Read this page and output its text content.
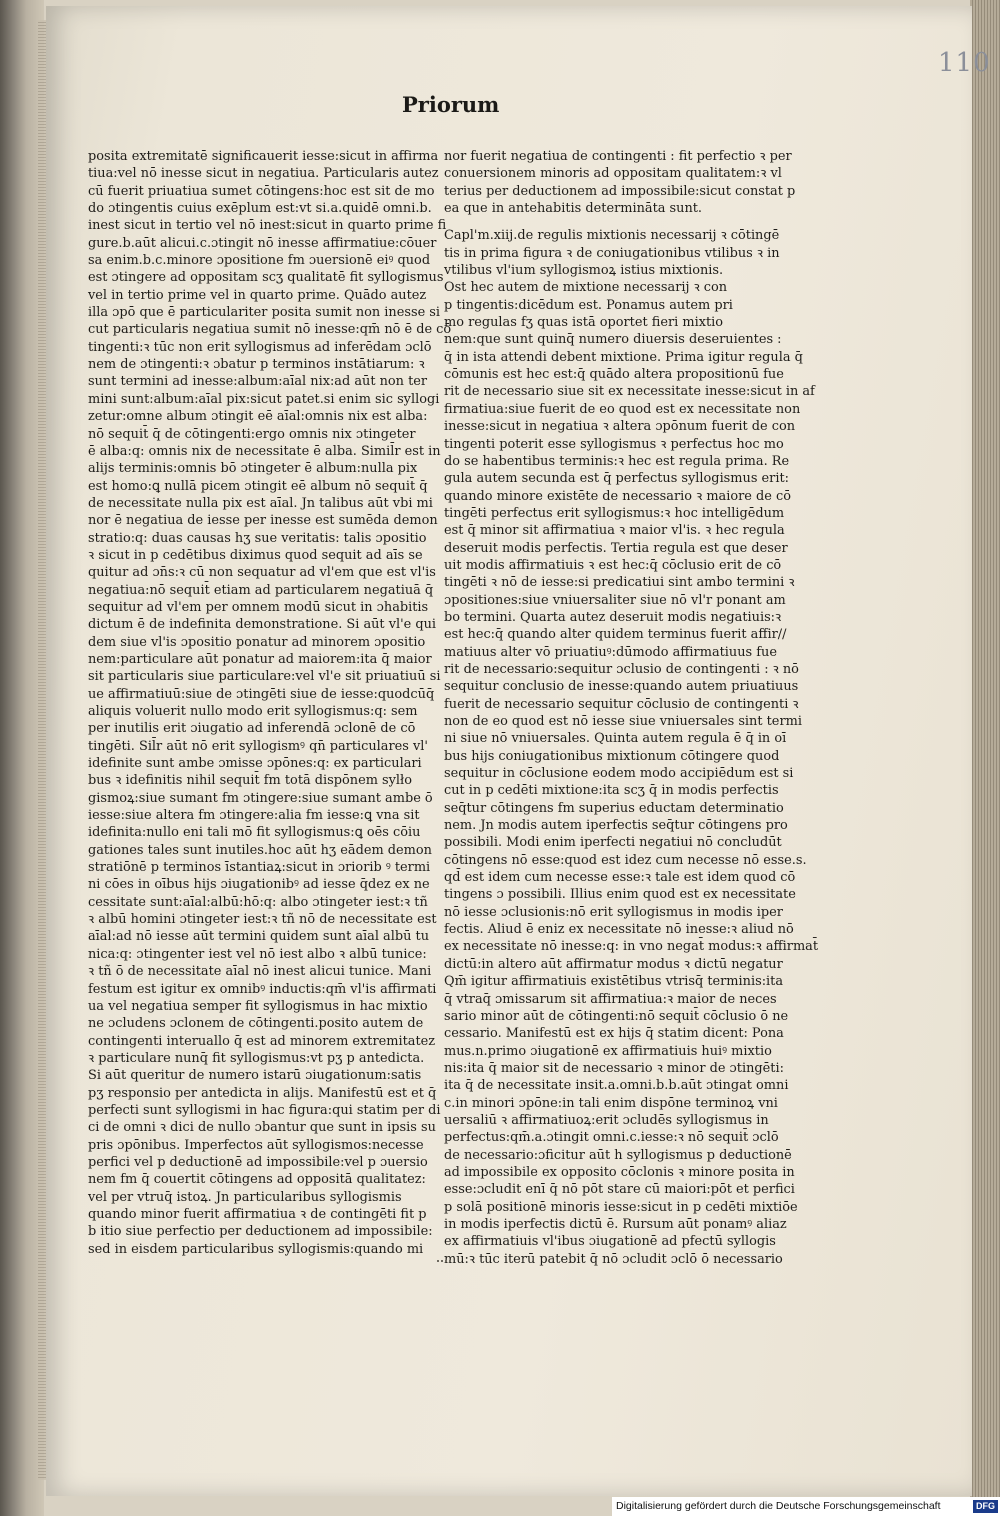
110
Priorum
posita extremitatē significauerit iesse:sicut in affirma
tiua:vel nō inesse sicut in negatiua. Particularis autez
cū fuerit priuatiua sumet cōtingens:hoc est sit de mo
do ɔtingentis cuius exēplum est:vt si.a.quidē omni.b.
inest sicut in tertio vel nō inest:sicut in quarto prime fi
gure.b.aūt alicui.c.ɔtingit nō inesse affirmatiue:cōuer
sa enim.b.c.minore ɔpositione fm ɔuersionē eiꝰ quod
est ɔtingere ad oppositam scʒ qualitatē fit syllogismus
vel in tertio prime vel in quarto prime. Quādo autez
illa ɔpō que ē particulariter posita sumit non inesse si
cut particularis negatiua sumit nō inesse:qm̄ nō ē de cō
tingenti:ꝛ tūc non erit syllogismus ad inferēdam ɔclō
nem de ɔtingenti:ꝛ ɔbatur p terminos instātiarum: ꝛ
sunt termini ad inesse:album:aīal nix:ad aūt non ter
mini sunt:album:aīal pix:sicut patet.si enim sic syllogi
zetur:omne album ɔtingit eē aīal:omnis nix est alba:
nō sequit̄ q̄ de cōtingenti:ergo omnis nix ɔtingeter
ē alba:q: omnis nix de necessitate ē alba. Simil̄r est in
alijs terminis:omnis bō ɔtingeter ē album:nulla pix
est homo:ꝗ nullā picem ɔtingit eē album nō sequit̄ q̄
de necessitate nulla pix est aīal. Jn talibus aūt vbi mi
nor ē negatiua de iesse per inesse est sumēda demon
stratio:q: duas causas hʒ sue veritatis: talis ɔpositio
ꝛ sicut in p cedētibus diximus quod sequit ad aīs se
quitur ad ɔn̄s:ꝛ cū non sequatur ad vl'em que est vl'is
negatiua:nō sequit̄ etiam ad particularem negatiuā q̄
sequitur ad vl'em per omnem modū sicut in ɔhabitis
dictum ē de indefinita demonstratione. Si aūt vl'e qui
dem siue vl'is ɔpositio ponatur ad minorem ɔpositio
nem:particulare aūt ponatur ad maiorem:ita q̄ maior
sit particularis siue particulare:vel vl'e sit priuatiuū si
ue affirmatiuū:siue de ɔtingēti siue de iesse:quodcūq̄
aliquis voluerit nullo modo erit syllogismus:q: sem
per inutilis erit ɔiugatio ad inferendā ɔclonē de cō
tingēti. Sil̄r aūt nō erit syllogismꝰ qn̄ particulares vl'
idefinite sunt ambe ɔmisse ɔpōnes:q: ex particulari
bus ꝛ idefinitis nihil sequit̄ fm totā dispōnem sylło
gismoꝝ:siue sumant fm ɔtingere:siue sumant ambe ō
iesse:siue altera fm ɔtingere:alia fm iesse:ꝗ vna sit
idefinita:nullo eni tali mō fit syllogismus:ꝗ oēs cōiu
gationes tales sunt inutiles.hoc aūt hʒ eādem demon
stratiōnē p terminos īstantiaꝝ:sicut in ɔriorib ꝰ termi
ni cōes in oībus hijs ɔiugationibꝰ ad iesse q̄dez ex ne
cessitate sunt:aīal:albū:hō:q: albo ɔtingeter iest:ꝛ tñ
ꝛ albū homini ɔtingeter iest:ꝛ tñ nō de necessitate est
aīal:ad nō iesse aūt termini quidem sunt aīal albū tu
nica:q: ɔtingenter iest vel nō iest albo ꝛ albū tunice:
ꝛ tñ ō de necessitate aīal nō inest alicui tunice. Mani
festum est igitur ex omnibꝰ inductis:qm̄ vl'is affirmati
ua vel negatiua semper fit syllogismus in hac mixtio
ne ɔcludens ɔclonem de cōtingenti.posito autem de
contingenti interuallo q̄ est ad minorem extremitatez
ꝛ particulare nunq̄ fit syllogismus:vt pʒ p antedicta.
Si aūt queritur de numero istarū ɔiugationum:satis
pʒ responsio per antedicta in alijs. Manifestū est et q̄
perfecti sunt syllogismi in hac figura:qui statim per di
ci de omni ꝛ dici de nullo ɔbantur que sunt in ipsis su
pris ɔpōnibus. Imperfectos aūt syllogismos:necesse
perfici vel p deductionē ad impossibile:vel p ɔuersio
nem fm q̄ couertit cōtingens ad oppositā qualitatez:
vel per vtruq̄ istoꝝ. Jn particularibus syllogismis
quando minor fuerit affirmatiua ꝛ de contingēti fit p
b itio siue perfectio per deductionem ad impossibile:
sed in eisdem particularibus syllogismis:quando mi
nor fuerit negatiua de contingenti : fit perfectio ꝛ per
conuersionem minoris ad oppositam qualitatem:ꝛ vl
terius per deductionem ad impossibile:sicut constat p
ea que in antehabitis determināta sunt.
Capl'm.xiij.de regulis mixtionis necessarij ꝛ cōtingē
tis in prima figura ꝛ de coniugationibus vtilibus ꝛ in
vtilibus vl'ium syllogismoꝝ istius mixtionis.
Ost hec autem de mixtione necessarij ꝛ con
p tingentis:dicēdum est. Ponamus autem pri
mo regulas fʒ quas istā oportet fieri mixtio
nem:que sunt quinq̄ numero diuersis deseruientes :
q̄ in ista attendi debent mixtione. Prima igitur regula q̄
cōmunis est hec est:q̄ quādo altera propositionū fue
rit de necessario siue sit ex necessitate inesse:sicut in af
firmatiua:siue fuerit de eo quod est ex necessitate non
inesse:sicut in negatiua ꝛ altera ɔpōnum fuerit de con
tingenti poterit esse syllogismus ꝛ perfectus hoc mo
do se habentibus terminis:ꝛ hec est regula prima. Re
gula autem secunda est q̄ perfectus syllogismus erit:
quando minore existēte de necessario ꝛ maiore de cō
tingēti perfectus erit syllogismus:ꝛ hoc intelligēdum
est q̄ minor sit affirmatiua ꝛ maior vl'is. ꝛ hec regula
deseruit modis perfectis. Tertia regula est que deser
uit modis affirmatiuis ꝛ est hec:q̄ cōclusio erit de cō
tingēti ꝛ nō de iesse:si predicatiui sint ambo termini ꝛ
ɔpositiones:siue vniuersaliter siue nō vl'r ponant am
bo termini. Quarta autez deseruit modis negatiuis:ꝛ
est hec:q̄ quando alter quidem terminus fuerit affir//
matiuus alter vō priuatiuꝰ:dūmodo affirmatiuus fue
rit de necessario:sequitur ɔclusio de contingenti : ꝛ nō
sequitur conclusio de inesse:quando autem priuatiuus
fuerit de necessario sequitur cōclusio de contingenti ꝛ
non de eo quod est nō iesse siue vniuersales sint termi
ni siue nō vniuersales. Quinta autem regula ē q̄ in oī
bus hijs coniugationibus mixtionum cōtingere quod
sequitur in cōclusione eodem modo accipiēdum est si
cut in p cedēti mixtione:ita scʒ q̄ in modis perfectis
seq̄tur cōtingens fm superius eductam determinatio
nem. Jn modis autem iperfectis seq̄tur cōtingens pro
possibili. Modi enim iperfecti negatiui nō concludūt
cōtingens nō esse:quod est idez cum necesse nō esse.s.
qd̄ est idem cum necesse esse:ꝛ tale est idem quod cō
tingens ɔ possibili. Illius enim quod est ex necessitate
nō iesse ɔclusionis:nō erit syllogismus in modis iper
fectis. Aliud ē eniz ex necessitate nō inesse:ꝛ aliud nō
ex necessitate nō inesse:q: in vno negat̄ modus:ꝛ affirmat̄
dictū:in altero aūt affirmatur modus ꝛ dictū negatur
Qm̄ igitur affirmatiuis existētibus vtrisq̄ terminis:ita
q̄ vtraq̄ ɔmissarum sit affirmatiua:ꝛ maior de neces
sario minor aūt de cōtingenti:nō sequit̄ cōclusio ō ne
cessario. Manifestū est ex hijs q̄ statim dicent: Pona
mus.n.primo ɔiugationē ex affirmatiuis huiꝰ mixtio
nis:ita q̄ maior sit de necessario ꝛ minor de ɔtingēti:
ita q̄ de necessitate insit.a.omni.b.b.aūt ɔtingat omni
c.in minori ɔpōne:in tali enim dispōne terminoꝝ vni
uersaliū ꝛ affirmatiuoꝝ:erit ɔcludēs syllogismus in
perfectus:qm̄.a.ɔtingit omni.c.iesse:ꝛ nō sequit̄ ɔclō
de necessario:ɔficitur aūt h syllogismus p deductionē
ad impossibile ex opposito cōclonis ꝛ minore posita in
esse:ɔcludit enī q̄ nō pōt stare cū maiori:pōt et perfici
p solā positionē minoris iesse:sicut in p cedēti mixtiōe
in modis iperfectis dictū ē. Rursum aūt ponamꝰ aliaz
ex affirmatiuis vl'ibus ɔiugationē ad pfectū syllogis
mū:ꝛ tūc iterū patebit q̄ nō ɔcludit ɔclō ō necessario
Digitalisierung gefördert durch die Deutsche Forschungsgemeinschaft	DFG
